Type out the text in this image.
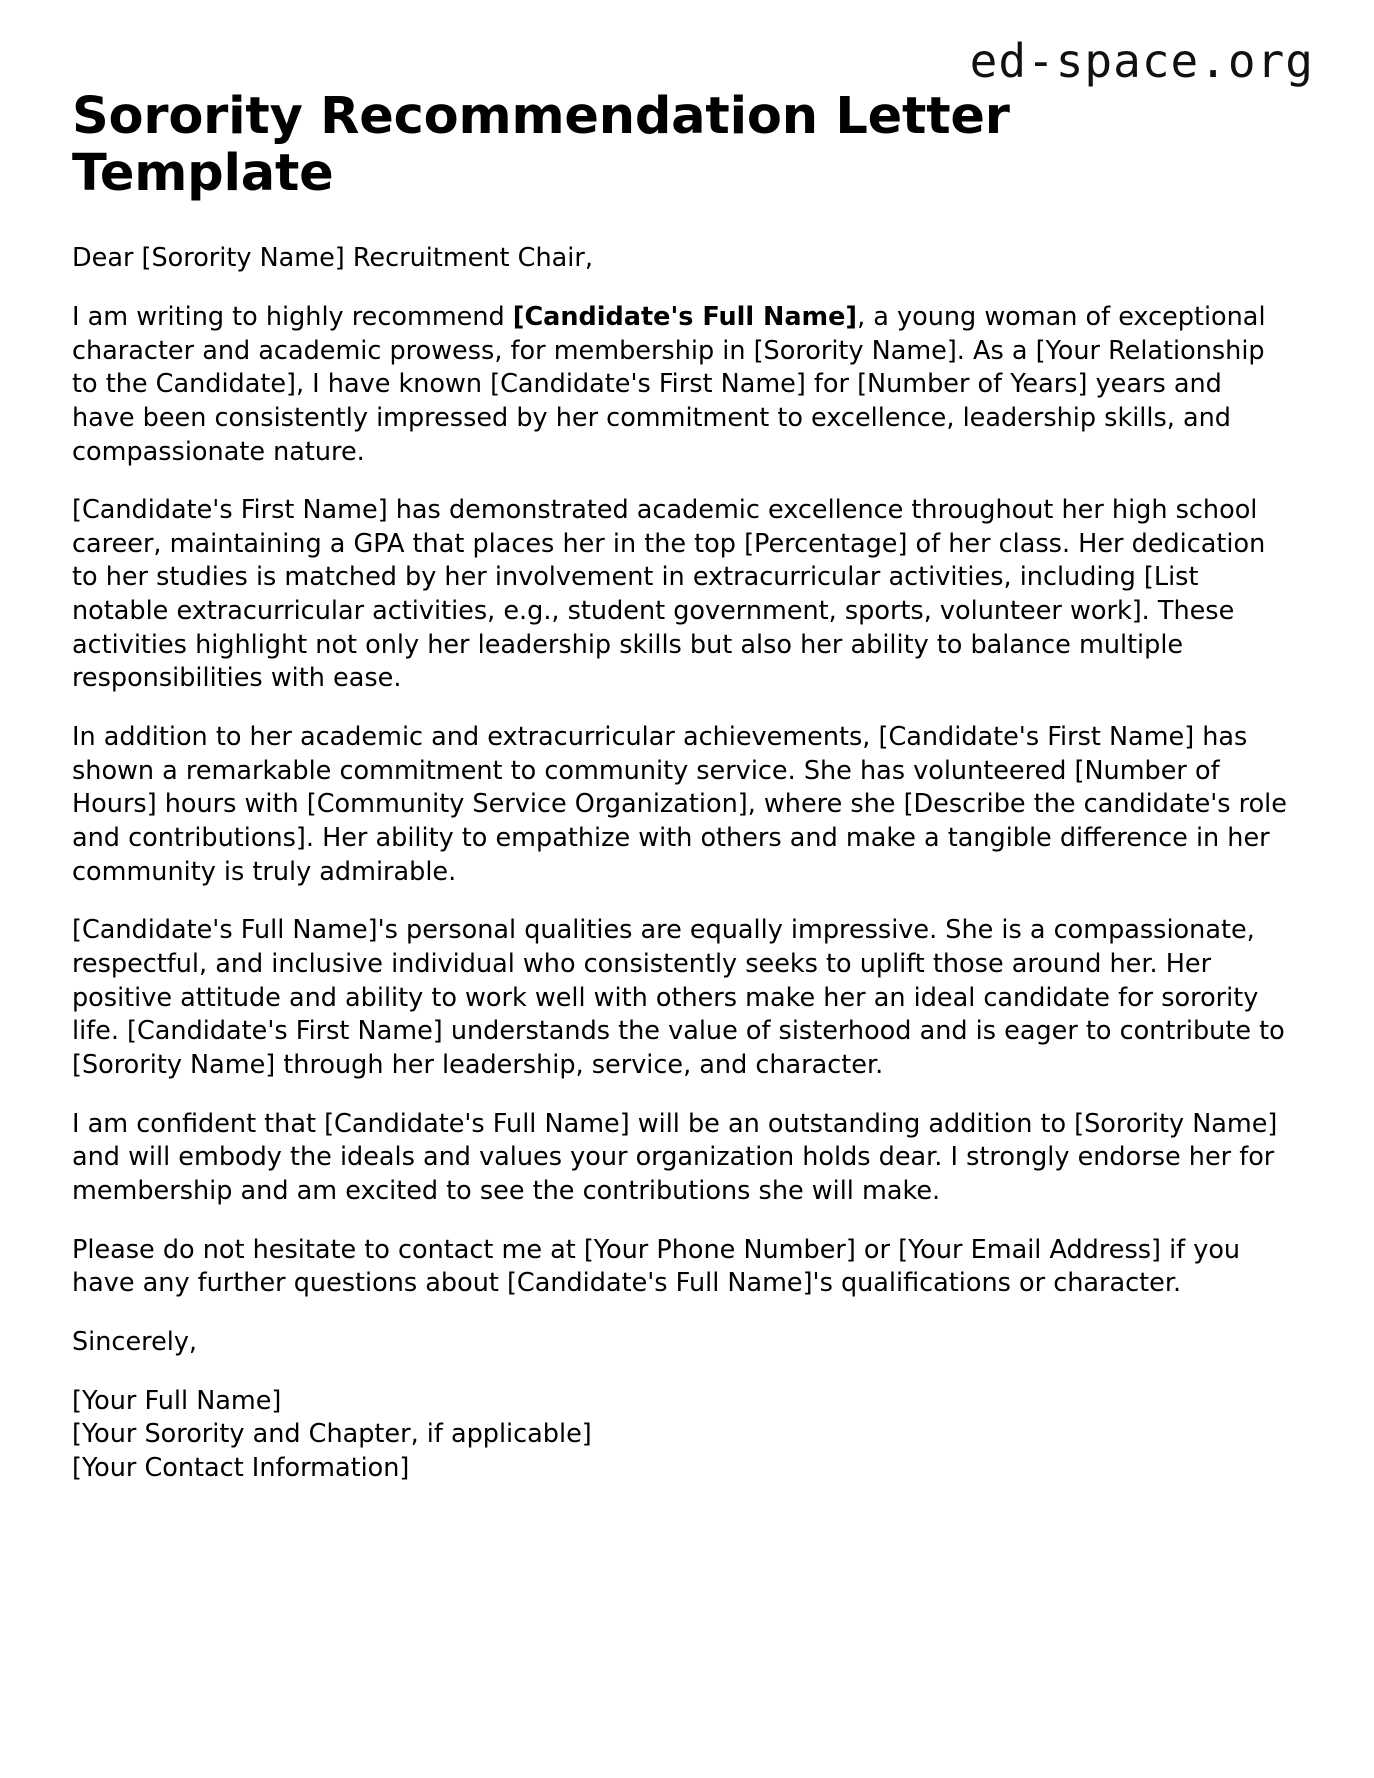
ed-space.org
Sorority Recommendation Letter Template

Dear [Sorority Name] Recruitment Chair,

I am writing to highly recommend [Candidate's Full Name], a young woman of exceptional character and academic prowess, for membership in [Sorority Name]. As a [Your Relationship to the Candidate], I have known [Candidate's First Name] for [Number of Years] years and have been consistently impressed by her commitment to excellence, leadership skills, and compassionate nature.

[Candidate's First Name] has demonstrated academic excellence throughout her high school career, maintaining a GPA that places her in the top [Percentage] of her class. Her dedication to her studies is matched by her involvement in extracurricular activities, including [List notable extracurricular activities, e.g., student government, sports, volunteer work]. These activities highlight not only her leadership skills but also her ability to balance multiple responsibilities with ease.

In addition to her academic and extracurricular achievements, [Candidate's First Name] has shown a remarkable commitment to community service. She has volunteered [Number of Hours] hours with [Community Service Organization], where she [Describe the candidate's role and contributions]. Her ability to empathize with others and make a tangible difference in her community is truly admirable.

[Candidate's Full Name]'s personal qualities are equally impressive. She is a compassionate, respectful, and inclusive individual who consistently seeks to uplift those around her. Her positive attitude and ability to work well with others make her an ideal candidate for sorority life. [Candidate's First Name] understands the value of sisterhood and is eager to contribute to [Sorority Name] through her leadership, service, and character.

I am confident that [Candidate's Full Name] will be an outstanding addition to [Sorority Name] and will embody the ideals and values your organization holds dear. I strongly endorse her for membership and am excited to see the contributions she will make.

Please do not hesitate to contact me at [Your Phone Number] or [Your Email Address] if you have any further questions about [Candidate's Full Name]'s qualifications or character.

Sincerely,

[Your Full Name]
[Your Sorority and Chapter, if applicable]
[Your Contact Information]
